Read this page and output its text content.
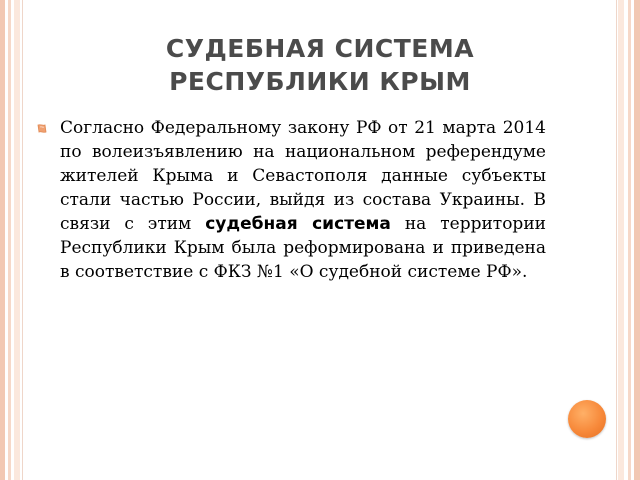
СУДЕБНАЯ СИСТЕМА
РЕСПУБЛИКИ КРЫМ

Согласно Федеральному закону РФ от 21 марта 2014 по волеизъявлению на национальном референдуме жителей Крыма и Севастополя данные субъекты стали частью России, выйдя из состава Украины. В связи с этим судебная система на территории Республики Крым была реформирована и приведена в соответствие с ФКЗ №1 «О судебной системе РФ».
